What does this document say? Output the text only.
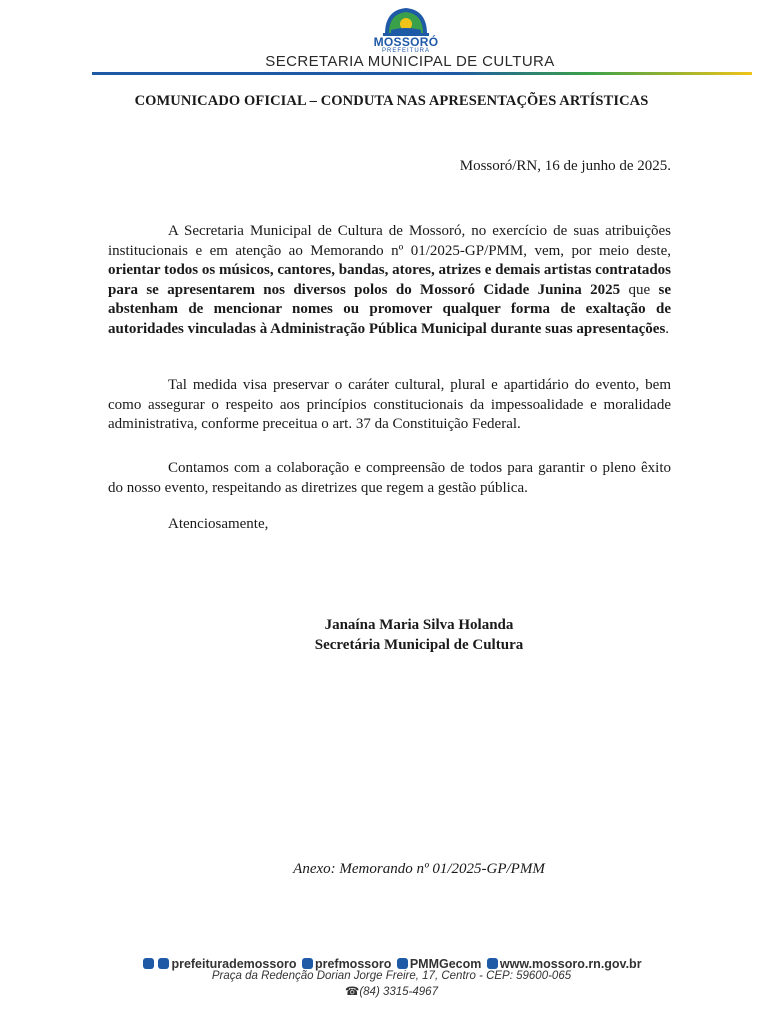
MOSSORÓ
PREFEITURA
SECRETARIA MUNICIPAL DE CULTURA
COMUNICADO OFICIAL – CONDUTA NAS APRESENTAÇÕES ARTÍSTICAS
Mossoró/RN, 16 de junho de 2025.

A Secretaria Municipal de Cultura de Mossoró, no exercício de suas atribuições institucionais e em atenção ao Memorando nº 01/2025-GP/PMM, vem, por meio deste, orientar todos os músicos, cantores, bandas, atores, atrizes e demais artistas contratados para se apresentarem nos diversos polos do Mossoró Cidade Junina 2025 que se abstenham de mencionar nomes ou promover qualquer forma de exaltação de autoridades vinculadas à Administração Pública Municipal durante suas apresentações.

Tal medida visa preservar o caráter cultural, plural e apartidário do evento, bem como assegurar o respeito aos princípios constitucionais da impessoalidade e moralidade administrativa, conforme preceitua o art. 37 da Constituição Federal.

Contamos com a colaboração e compreensão de todos para garantir o pleno êxito do nosso evento, respeitando as diretrizes que regem a gestão pública.

Atenciosamente,
Janaína Maria Silva Holanda
Secretária Municipal de Cultura
Anexo: Memorando nº 01/2025-GP/PMM
prefeiturademossoro prefmossoro PMMGecom www.mossoro.rn.gov.br
Praça da Redenção Dorian Jorge Freire, 17, Centro - CEP: 59600-065
☎(84) 3315-4967
